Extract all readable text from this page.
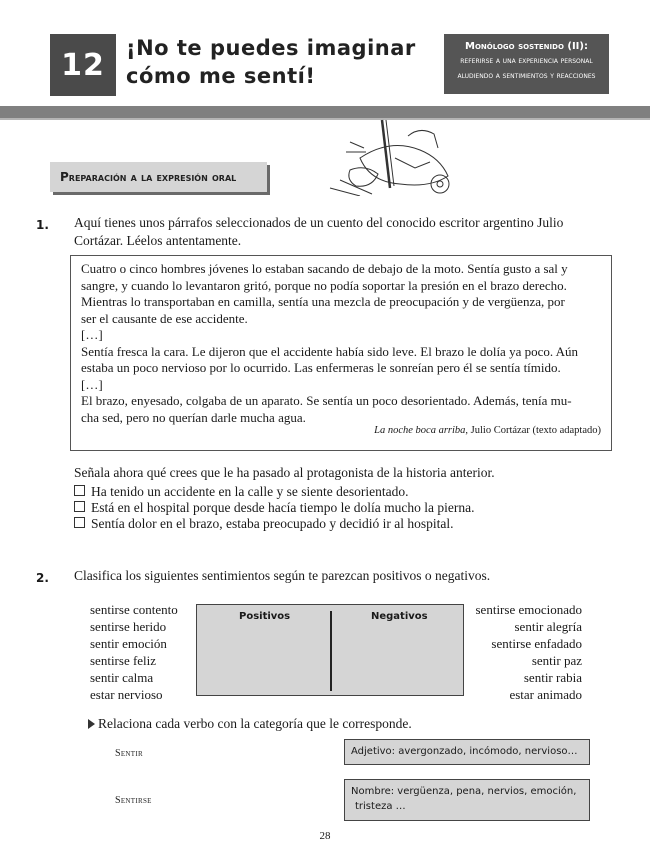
12	¡No te puedes imaginar
cómo me sentí!
Monólogo sostenido (II):
referirse a una experiencia personal
aludiendo a sentimientos y reacciones
Preparación a la expresión oral
1. Aquí tienes unos párrafos seleccionados de un cuento del conocido escritor argentino Julio
Cortázar. Léelos antentamente.

Cuatro o cinco hombres jóvenes lo estaban sacando de debajo de la moto. Sentía gusto a sal y

sangre, y cuando lo levantaron gritó, porque no podía soportar la presión en el brazo derecho.

Mientras lo transportaban en camilla, sentía una mezcla de preocupación y de vergüenza, por

ser el causante de ese accidente.

[…]

Sentía fresca la cara. Le dijeron que el accidente había sido leve. El brazo le dolía ya poco. Aún

estaba un poco nervioso por lo ocurrido. Las enfermeras le sonreían pero él se sentía tímido.

[…]

El brazo, enyesado, colgaba de un aparato. Se sentía un poco desorientado. Además, tenía mu-

cha sed, pero no querían darle mucha agua.

La noche boca arriba, Julio Cortázar (texto adaptado)
Señala ahora qué crees que le ha pasado al protagonista de la historia anterior.
Ha tenido un accidente en la calle y se siente desorientado.
Está en el hospital porque desde hacía tiempo le dolía mucho la pierna.
Sentía dolor en el brazo, estaba preocupado y decidió ir al hospital.
2. Clasifica los siguientes sentimientos según te parezcan positivos o negativos.
sentirse contento
sentirse herido
sentir emoción
sentirse feliz
sentir calma
estar nervioso
Positivos	Negativos	sentirse emocionado
sentir alegría
sentirse enfadado
sentir paz
sentir rabia
estar animado
Relaciona cada verbo con la categoría que le corresponde.
Sentir	Adjetivo: avergonzado, incómodo, nervioso…
Sentirse
Nombre: vergüenza, pena, nervios, emoción,
tristeza …
28
